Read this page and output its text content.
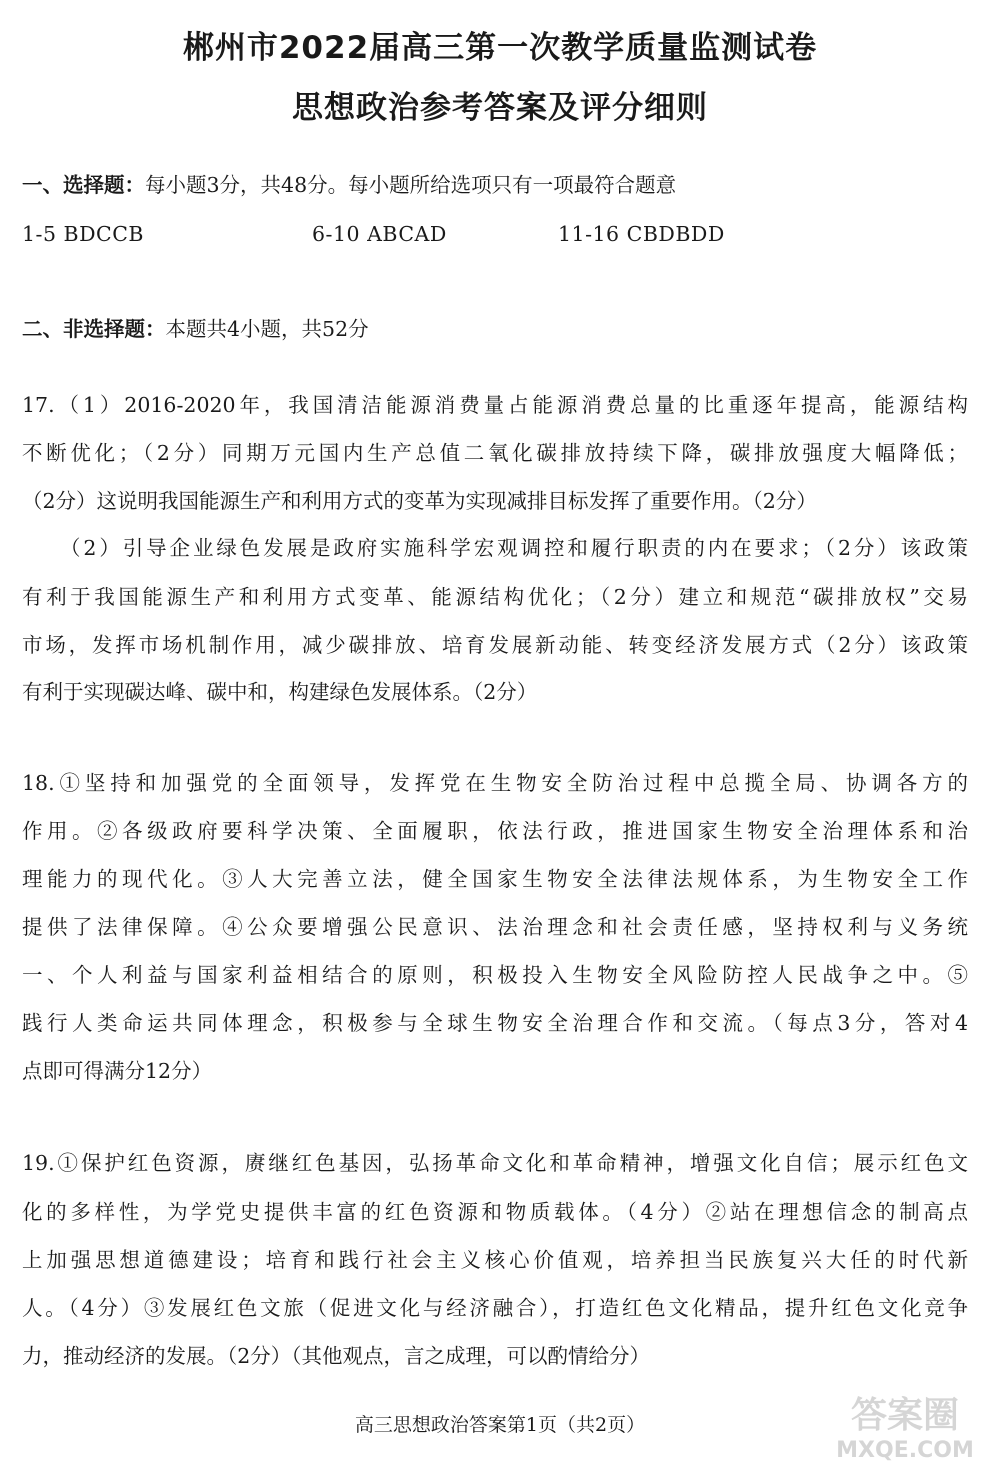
郴州市2022届高三第一次教学质量监测试卷
思想政治参考答案及评分细则
一、选择题：每小题3分，共48分。每小题所给选项只有一项最符合题意
1-5 BDCCB	6-10 ABCAD	11-16 CBDBDD
二、非选择题：本题共4小题，共52分
17.（1）2016-2020年，我国清洁能源消费量占能源消费总量的比重逐年提高，能源结构
不断优化；（2分）同期万元国内生产总值二氧化碳排放持续下降，碳排放强度大幅降低；
（2分）这说明我国能源生产和利用方式的变革为实现减排目标发挥了重要作用。（2分）
（2）引导企业绿色发展是政府实施科学宏观调控和履行职责的内在要求；（2分）该政策
有利于我国能源生产和利用方式变革、能源结构优化；（2分）建立和规范“碳排放权”交易
市场，发挥市场机制作用，减少碳排放、培育发展新动能、转变经济发展方式（2分）该政策
有利于实现碳达峰、碳中和，构建绿色发展体系。（2分）
18.①坚持和加强党的全面领导，发挥党在生物安全防治过程中总揽全局、协调各方的
作用。②各级政府要科学决策、全面履职，依法行政，推进国家生物安全治理体系和治
理能力的现代化。③人大完善立法，健全国家生物安全法律法规体系，为生物安全工作
提供了法律保障。④公众要增强公民意识、法治理念和社会责任感，坚持权利与义务统
一、个人利益与国家利益相结合的原则，积极投入生物安全风险防控人民战争之中。⑤
践行人类命运共同体理念，积极参与全球生物安全治理合作和交流。（每点3分，答对4
点即可得满分12分）
19.①保护红色资源，赓继红色基因，弘扬革命文化和革命精神，增强文化自信；展示红色文
化的多样性，为学党史提供丰富的红色资源和物质载体。（4分）②站在理想信念的制高点
上加强思想道德建设；培育和践行社会主义核心价值观，培养担当民族复兴大任的时代新
人。（4分）③发展红色文旅（促进文化与经济融合），打造红色文化精品，提升红色文化竞争
力，推动经济的发展。（2分）（其他观点，言之成理，可以酌情给分）
高三思想政治答案第1页（共2页）	答案圈
MXQE.COM
